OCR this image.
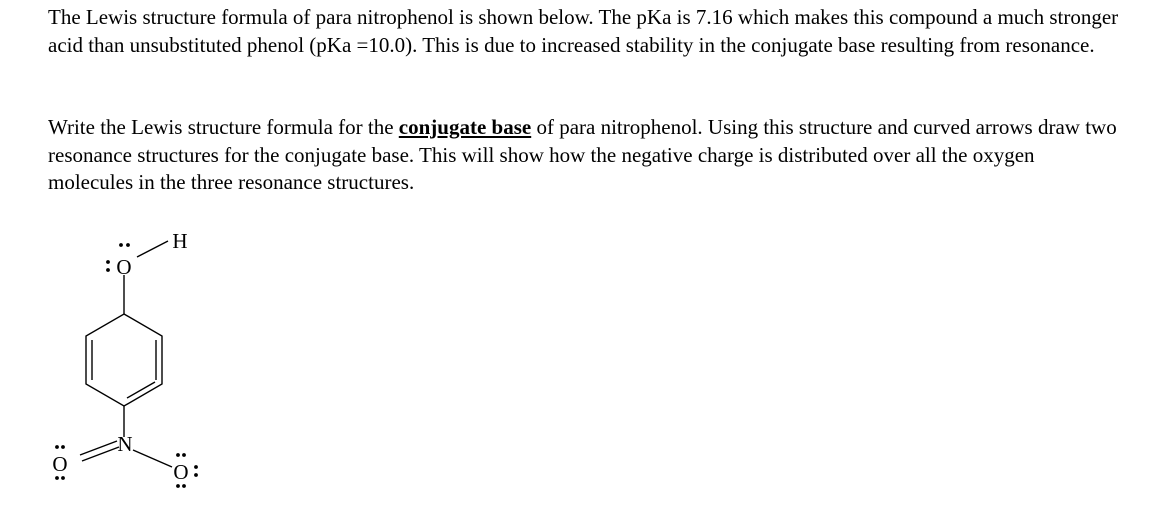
The Lewis structure formula of para nitrophenol is shown below. The pKa is 7.16 which makes this compound a much stronger acid than unsubstituted phenol (pKa =10.0). This is due to increased stability in the conjugate base resulting from resonance.

Write the Lewis structure formula for the conjugate base of para nitrophenol. Using this structure and curved arrows draw two resonance structures for the conjugate base. This will show how the negative charge is distributed over all the oxygen molecules in the three resonance structures.

O
H
N
O	O
